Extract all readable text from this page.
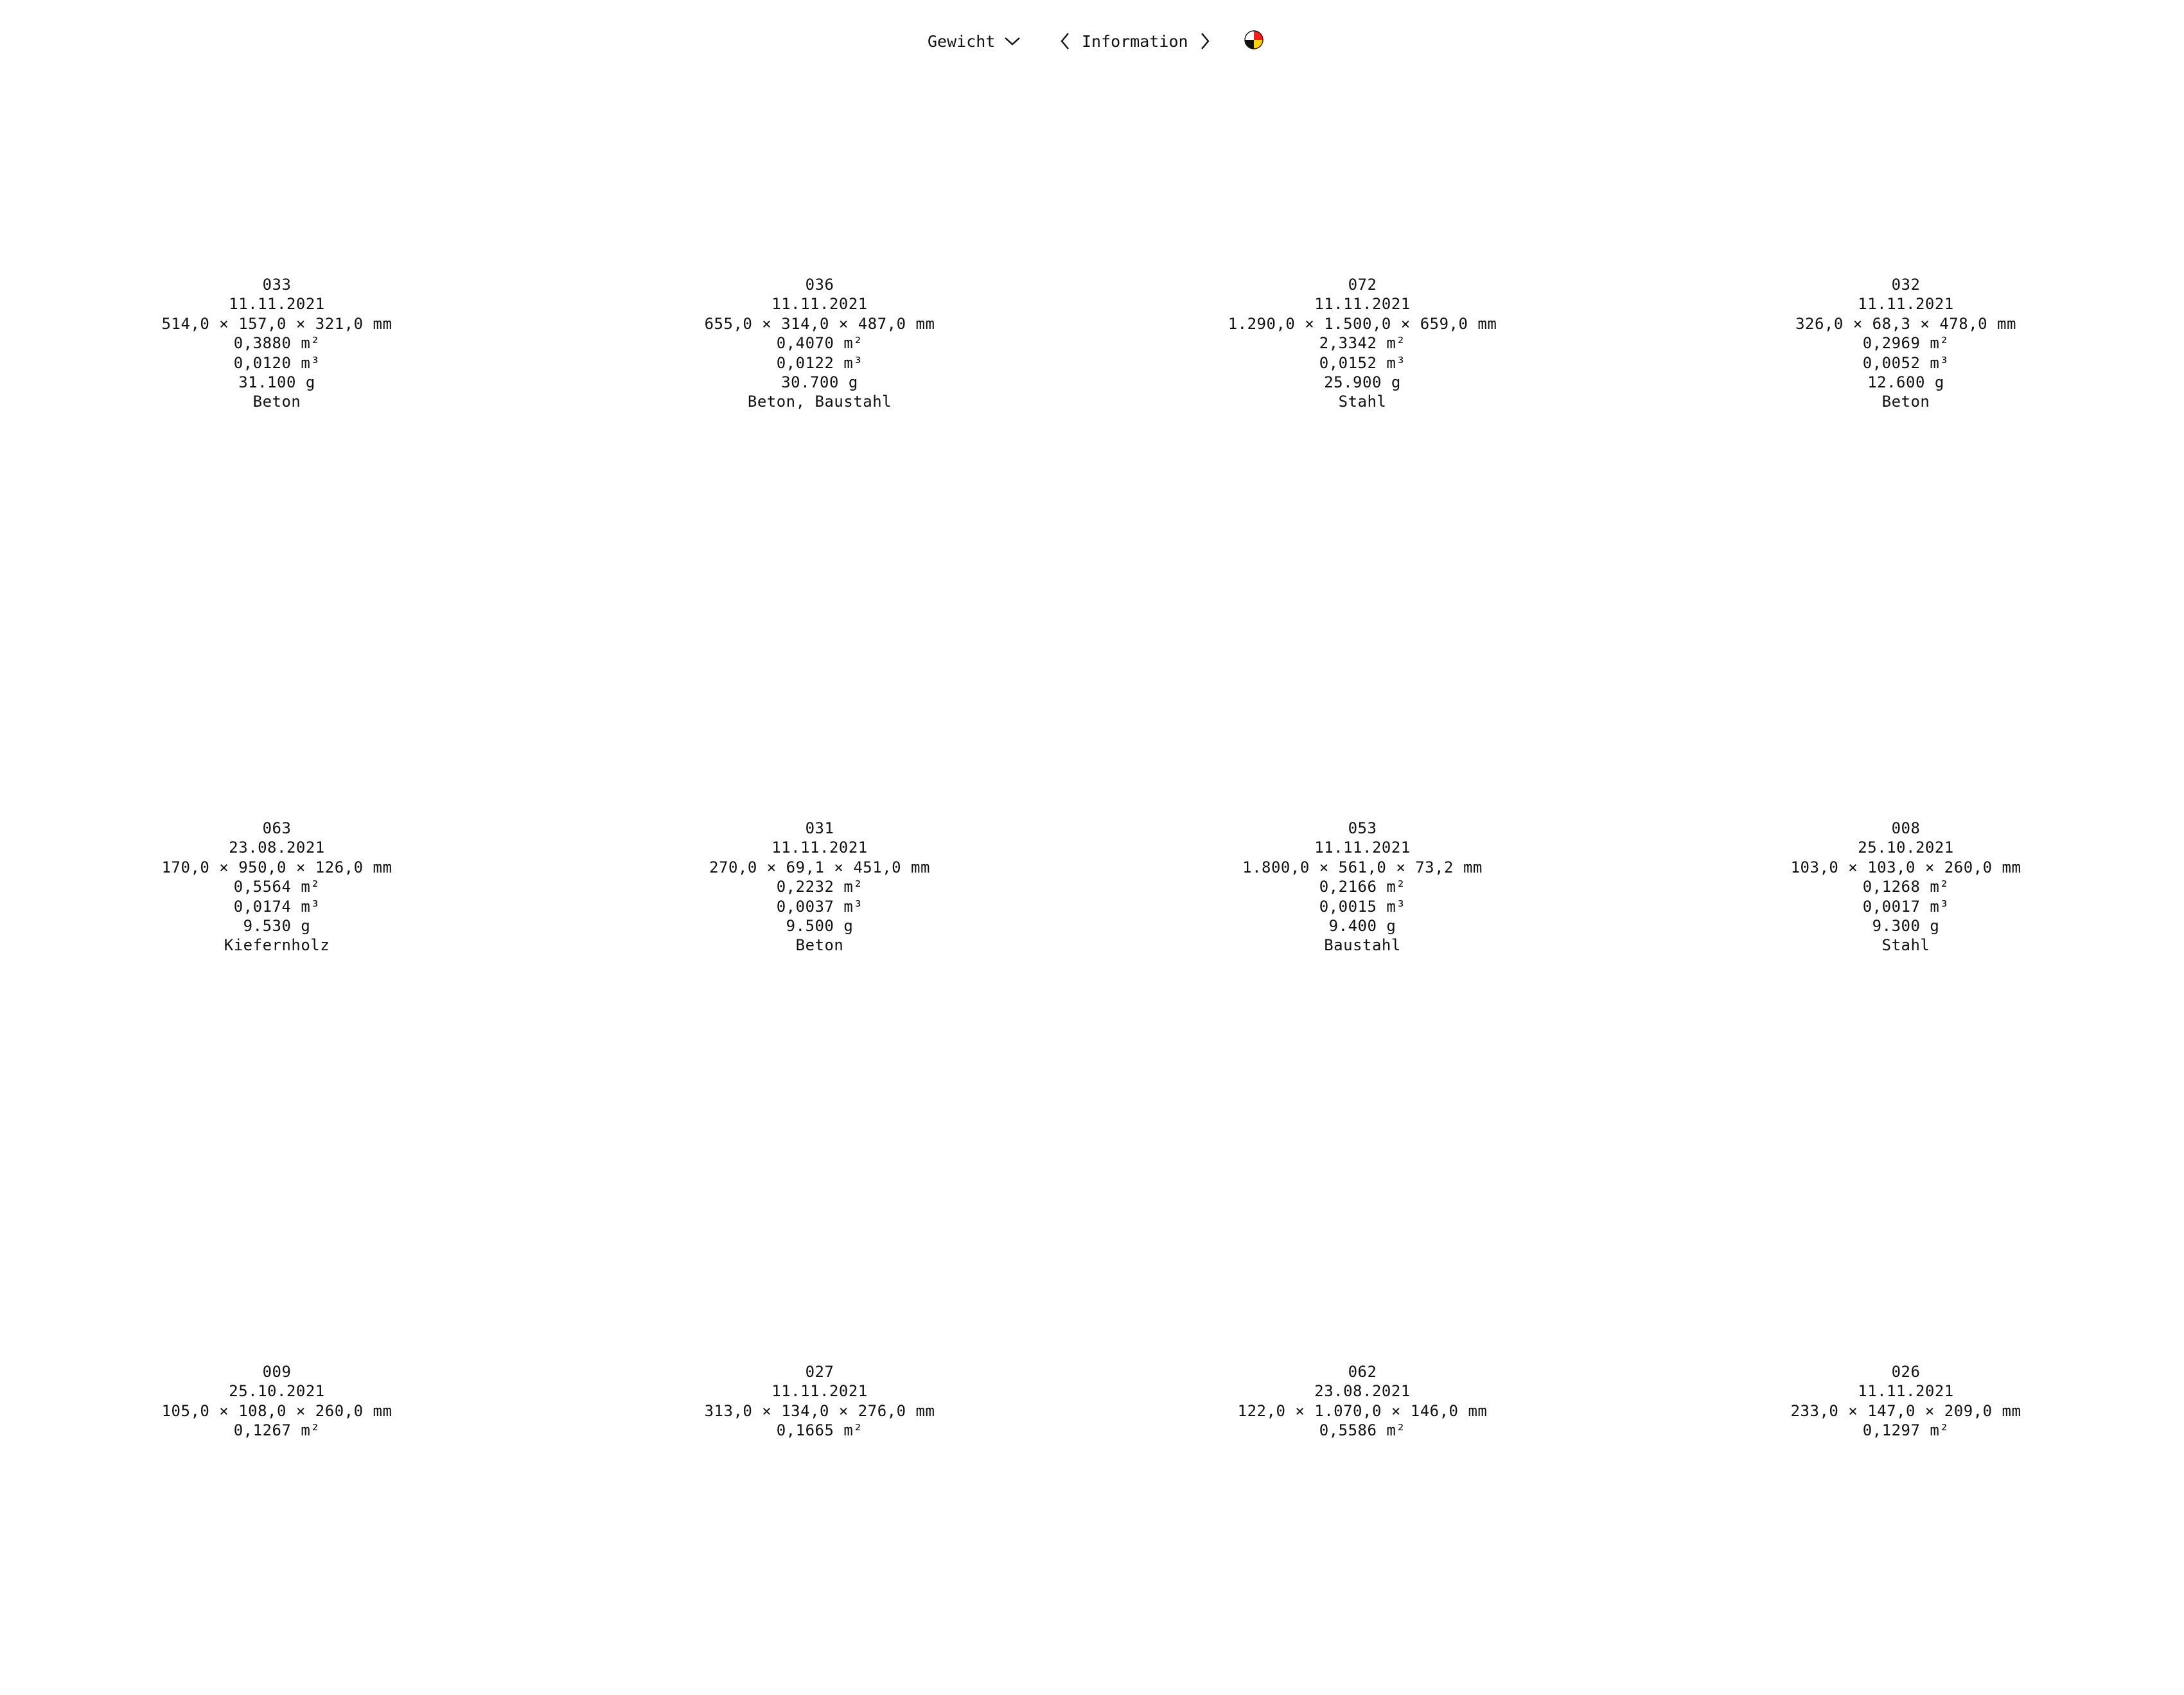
Gewicht	Information
033
11.11.2021
514,0 × 157,0 × 321,0 mm
0,3880 m²
0,0120 m³
31.100 g
Beton
036
11.11.2021
655,0 × 314,0 × 487,0 mm
0,4070 m²
0,0122 m³
30.700 g
Beton, Baustahl
072
11.11.2021
1.290,0 × 1.500,0 × 659,0 mm
2,3342 m²
0,0152 m³
25.900 g
Stahl
032
11.11.2021
326,0 × 68,3 × 478,0 mm
0,2969 m²
0,0052 m³
12.600 g
Beton
063
23.08.2021
170,0 × 950,0 × 126,0 mm
0,5564 m²
0,0174 m³
9.530 g
Kiefernholz
031
11.11.2021
270,0 × 69,1 × 451,0 mm
0,2232 m²
0,0037 m³
9.500 g
Beton
053
11.11.2021
1.800,0 × 561,0 × 73,2 mm
0,2166 m²
0,0015 m³
9.400 g
Baustahl
008
25.10.2021
103,0 × 103,0 × 260,0 mm
0,1268 m²
0,0017 m³
9.300 g
Stahl
009
25.10.2021
105,0 × 108,0 × 260,0 mm
0,1267 m²
027
11.11.2021
313,0 × 134,0 × 276,0 mm
0,1665 m²
062
23.08.2021
122,0 × 1.070,0 × 146,0 mm
0,5586 m²
026
11.11.2021
233,0 × 147,0 × 209,0 mm
0,1297 m²
